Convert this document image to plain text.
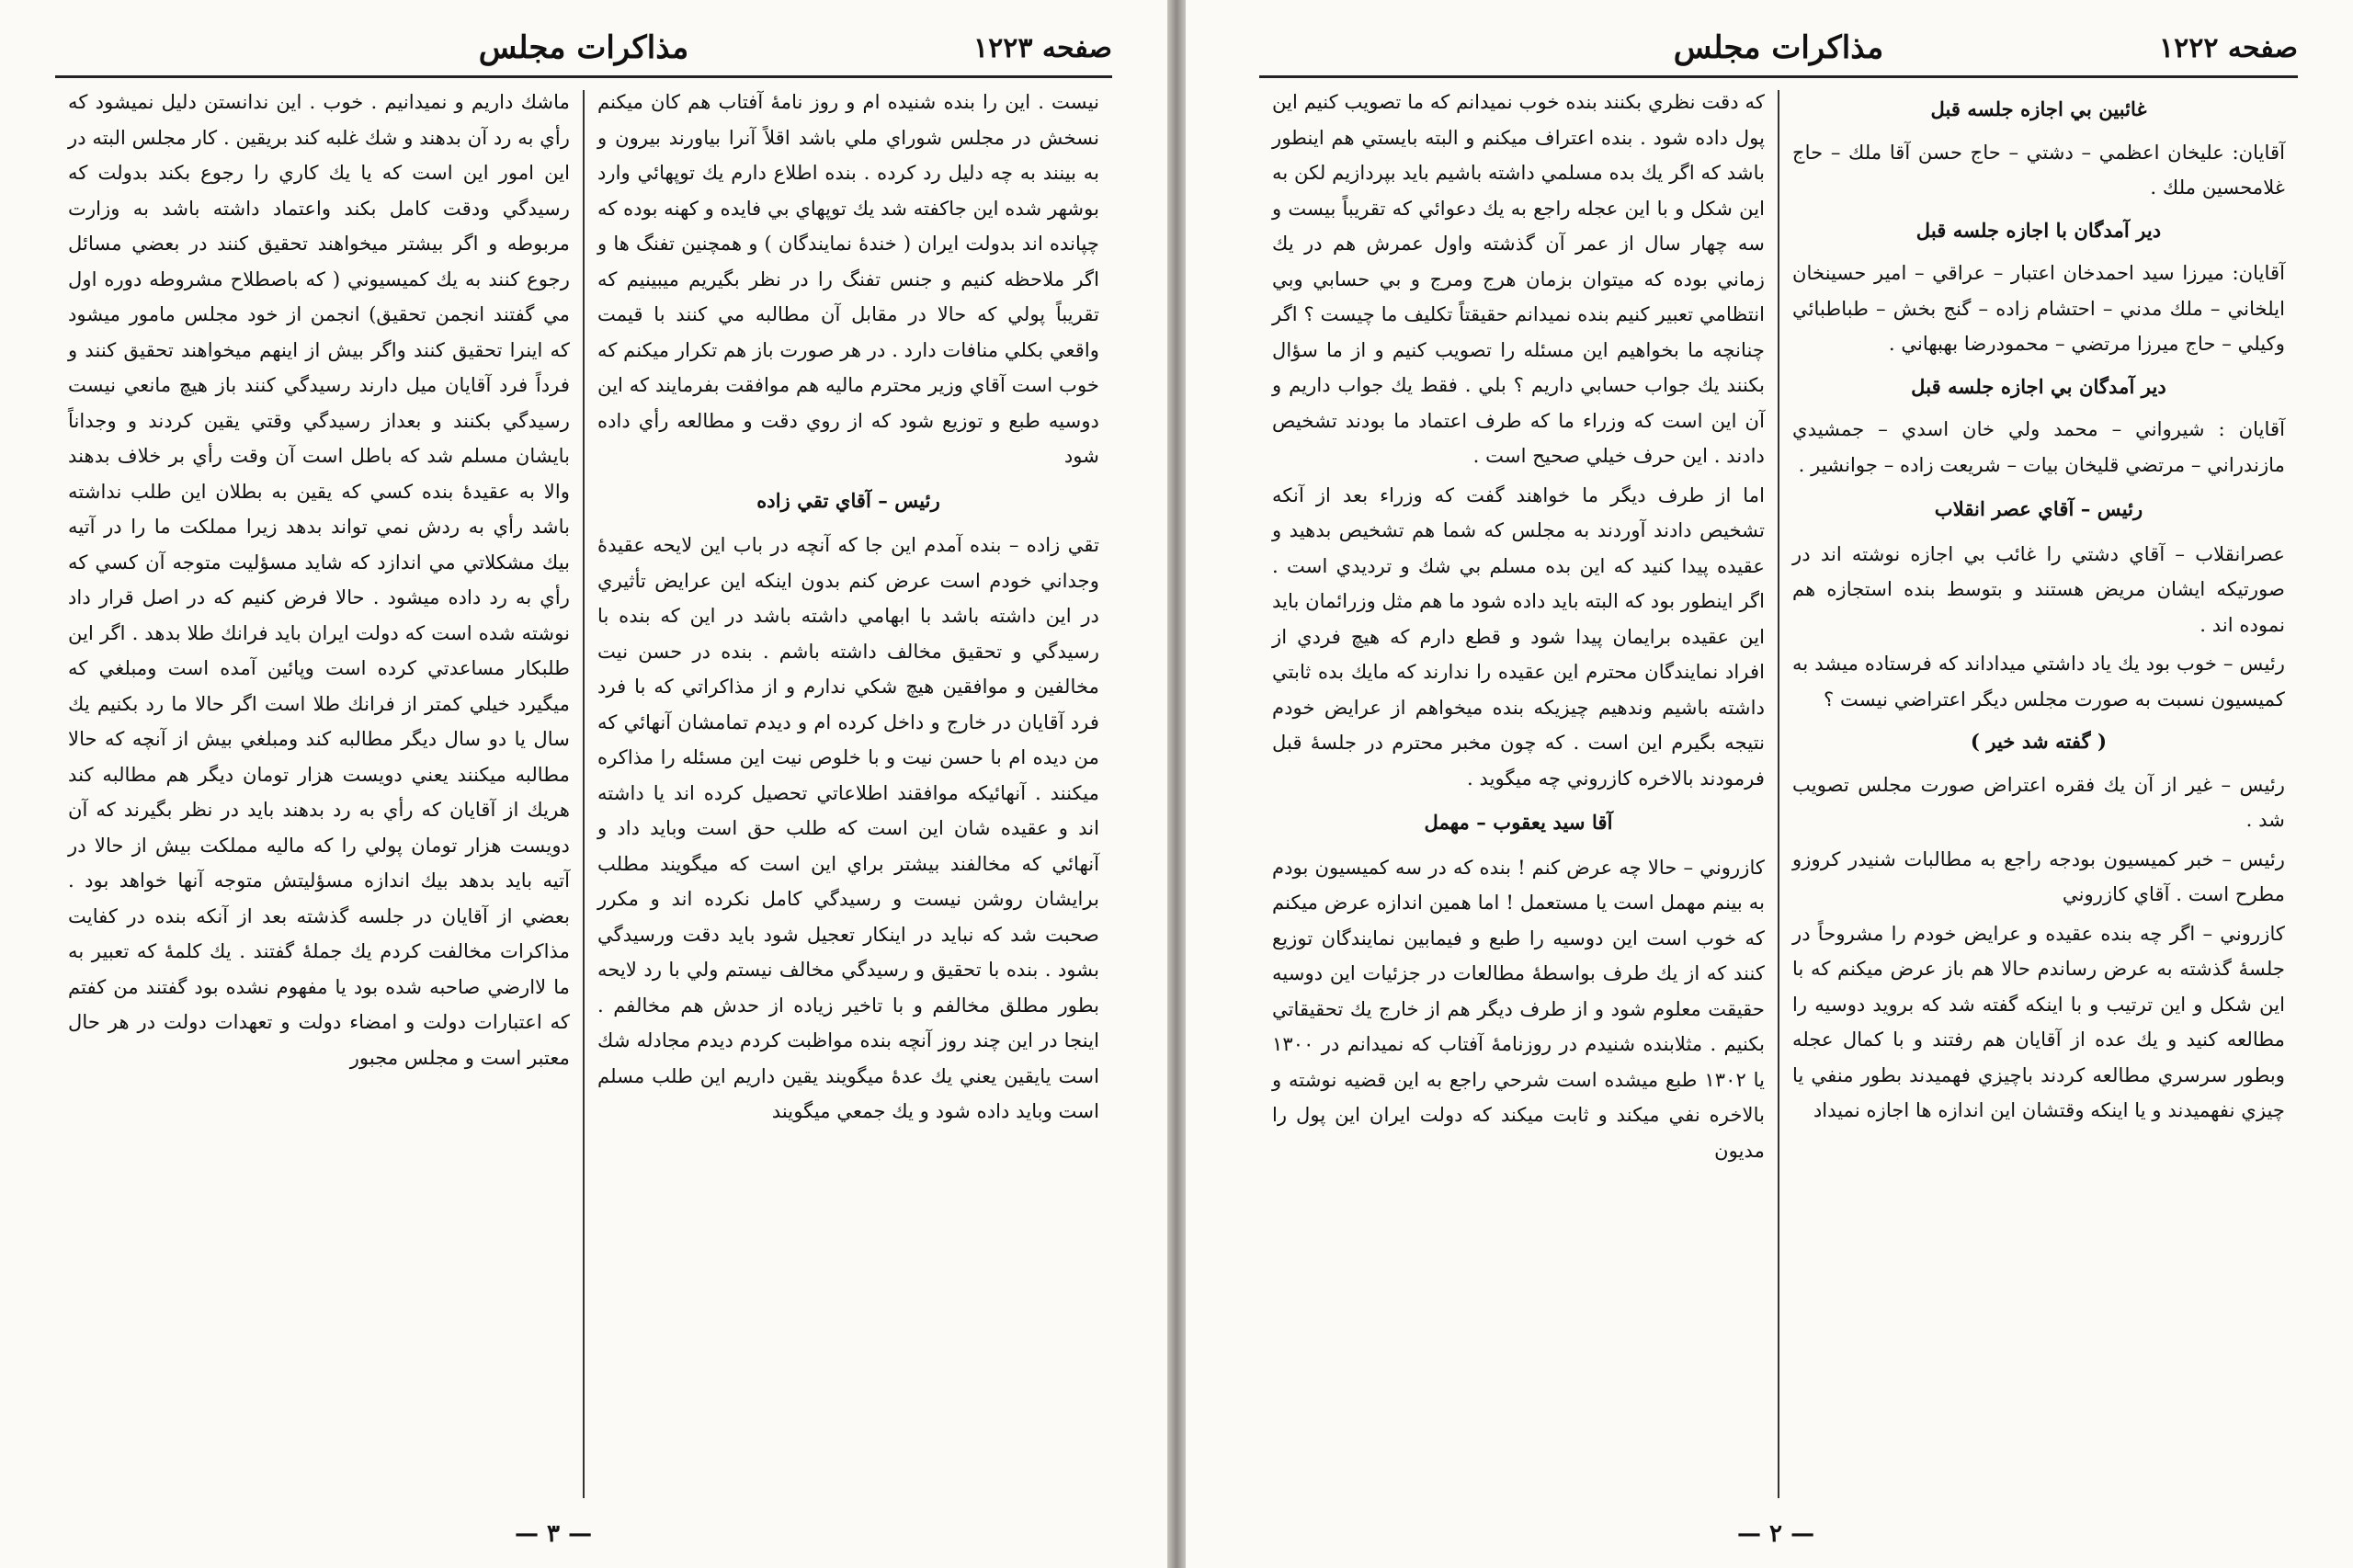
صفحه ۱۲۲۳
مذاكرات مجلس

نيست . اين را بنده شنيده ام و روز نامهٔ آفتاب هم كان ميكنم نسخش در مجلس شوراي ملي باشد اقلاً آنرا بياورند بيرون و به بينند به چه دليل رد كرده . بنده اطلاع دارم يك توپهائي وارد بوشهر شده اين جاكفته شد يك توپهاي بي فايده و كهنه بوده كه چپانده اند بدولت ايران ( خندهٔ نمايندگان ) و همچنين تفنگ ها و اگر ملاحظه كنيم و جنس تفنگ را در نظر بگيريم ميبينيم كه تقريباً پولي كه حالا در مقابل آن مطالبه مي كنند با قيمت واقعي بكلي منافات دارد . در هر صورت باز هم تكرار ميكنم كه خوب است آقاي وزير محترم ماليه هم موافقت بفرمايند كه اين دوسيه طبع و توزيع شود كه از روي دقت و مطالعه رأي داده شود

رئيس – آقاي تقي زاده

تقي زاده – بنده آمدم اين جا كه آنچه در باب اين لايحه عقيدهٔ وجداني خودم است عرض كنم بدون اينكه اين عرايض تأثيري در اين داشته باشد با ابهامي داشته باشد در اين كه بنده با رسيدگي و تحقيق مخالف داشته باشم . بنده در حسن نيت مخالفين و موافقين هيچ شكي ندارم و از مذاكراتي كه با فرد فرد آقايان در خارج و داخل كرده ام و ديدم تمامشان آنهائي كه من ديده ام با حسن نيت و با خلوص نيت اين مسئله را مذاكره ميكنند . آنهائيكه موافقند اطلاعاتي تحصيل كرده اند يا داشته اند و عقيده شان اين است كه طلب حق است وبايد داد و آنهائي كه مخالفند بيشتر براي اين است كه ميگويند مطلب برايشان روشن نيست و رسيدگي كامل نكرده اند و مكرر صحبت شد كه نبايد در اينكار تعجيل شود بايد دقت ورسيدگي بشود . بنده با تحقيق و رسيدگي مخالف نيستم ولي با رد لايحه بطور مطلق مخالفم و با تاخير زياده از حدش هم مخالفم . اينجا در اين چند روز آنچه بنده مواظبت كردم ديدم مجادله شك است يايقين يعني يك عدهٔ ميگويند يقين داريم اين طلب مسلم است وبايد داده شود و يك جمعي ميگويند

ماشك داريم و نميدانيم . خوب . اين ندانستن دليل نميشود كه رأي به رد آن بدهند و شك غلبه كند بريقين . كار مجلس البته در اين امور اين است كه يا يك كاري را رجوع بكند بدولت كه رسيدگي ودقت كامل بكند واعتماد داشته باشد به وزارت مربوطه و اگر بيشتر ميخواهند تحقيق كنند در بعضي مسائل رجوع كنند به يك كميسيوني ( كه باصطلاح مشروطه دوره اول مي گفتند انجمن تحقيق) انجمن از خود مجلس مامور ميشود كه اينرا تحقيق كنند واگر بيش از اينهم ميخواهند تحقيق كنند و فرداً فرد آقايان ميل دارند رسيدگي كنند باز هيچ مانعي نيست رسيدگي بكنند و بعداز رسيدگي وقتي يقين كردند و وجداناً بايشان مسلم شد كه باطل است آن وقت رأي بر خلاف بدهند والا به عقيدهٔ بنده كسي كه يقين به بطلان اين طلب نداشته باشد رأي به ردش نمي تواند بدهد زيرا مملكت ما را در آتيه بيك مشكلاتي مي اندازد كه شايد مسؤليت متوجه آن كسي كه رأي به رد داده ميشود . حالا فرض كنيم كه در اصل قرار داد نوشته شده است كه دولت ايران بايد فرانك طلا بدهد . اگر اين طلبكار مساعدتي كرده است وپائين آمده است ومبلغي كه ميگيرد خيلي كمتر از فرانك طلا است اگر حالا ما رد بكنيم يك سال يا دو سال ديگر مطالبه كند ومبلغي بيش از آنچه كه حالا مطالبه ميكنند يعني دويست هزار تومان ديگر هم مطالبه كند هريك از آقايان كه رأي به رد بدهند بايد در نظر بگيرند كه آن دويست هزار تومان پولي را كه ماليه مملكت بيش از حالا در آتيه بايد بدهد بيك اندازه مسؤليتش متوجه آنها خواهد بود . بعضي از آقايان در جلسه گذشته بعد از آنكه بنده در كفايت مذاكرات مخالفت كردم يك جملهٔ گفتند . يك كلمهٔ كه تعبير به ما لاارضي صاحبه شده بود يا مفهوم نشده بود گفتند من كفتم كه اعتبارات دولت و امضاء دولت و تعهدات دولت در هر حال معتبر است و مجلس مجبور

— ۳ —
صفحه ۱۲۲۲
مذاكرات مجلس

غائبين بي اجازه جلسه قبل

آقايان: عليخان اعظمي – دشتي – حاج حسن آقا ملك – حاج غلامحسين ملك .

دير آمدگان با اجازه جلسه قبل

آقايان: ميرزا سيد احمدخان اعتبار – عراقي – امير حسينخان ايلخاني – ملك مدني – احتشام زاده – گنج بخش – طباطبائي وكيلي – حاج ميرزا مرتضي – محمودرضا بهبهاني .

دير آمدگان بي اجازه جلسه قبل

آقايان : شيرواني – محمد ولي خان اسدي – جمشيدي مازندراني – مرتضي قليخان بيات – شريعت زاده – جوانشير .

رئيس – آقاي عصر انقلاب

عصرانقلاب – آقاي دشتي را غائب بي اجازه نوشته اند در صورتيكه ايشان مريض هستند و بتوسط بنده استجازه هم نموده اند .

رئيس – خوب بود يك ياد داشتي ميداداند كه فرستاده ميشد به كميسيون نسبت به صورت مجلس ديگر اعتراضي نيست ؟

( گفته شد خير )

رئيس – غير از آن يك فقره اعتراض صورت مجلس تصويب شد .

رئيس – خبر كميسيون بودجه راجع به مطالبات شنيدر كروزو مطرح است . آقاي كازروني

كازروني – اگر چه بنده عقيده و عرايض خودم را مشروحاً در جلسهٔ گذشته به عرض رساندم حالا هم باز عرض ميكنم كه با اين شكل و اين ترتيب و با اينكه گفته شد كه برويد دوسيه را مطالعه كنيد و يك عده از آقايان هم رفتند و با كمال عجله وبطور سرسري مطالعه كردند باچيزي فهميدند بطور منفي يا چيزي نفهميدند و يا اينكه وقتشان اين اندازه ها اجازه نميداد

كه دقت نظري بكنند بنده خوب نميدانم كه ما تصويب كنيم اين پول داده شود . بنده اعتراف ميكنم و البته بايستي هم اينطور باشد كه اگر يك بده مسلمي داشته باشيم بايد بپردازيم لكن به اين شكل و با اين عجله راجع به يك دعوائي كه تقريباً بيست و سه چهار سال از عمر آن گذشته واول عمرش هم در يك زماني بوده كه ميتوان بزمان هرج ومرج و بي حسابي وبي انتظامي تعبير كنيم بنده نميدانم حقيقتاً تكليف ما چيست ؟ اگر چنانچه ما بخواهيم اين مسئله را تصويب كنيم و از ما سؤال بكنند يك جواب حسابي داريم ؟ بلي . فقط يك جواب داريم و آن اين است كه وزراء ما كه طرف اعتماد ما بودند تشخيص دادند . اين حرف خيلي صحيح است .

اما از طرف ديگر ما خواهند گفت كه وزراء بعد از آنكه تشخيص دادند آوردند به مجلس كه شما هم تشخيص بدهيد و عقيده پيدا كنيد كه اين بده مسلم بي شك و ترديدي است . اگر اينطور بود كه البته بايد داده شود ما هم مثل وزرائمان بايد اين عقيده برايمان پيدا شود و قطع دارم كه هيچ فردي از افراد نمايندگان محترم اين عقيده را ندارند كه مايك بده ثابتي داشته باشيم وندهيم چيزيكه بنده ميخواهم از عرايض خودم نتيجه بگيرم اين است . كه چون مخبر محترم در جلسهٔ قبل فرمودند بالاخره كازروني چه ميگويد .

آقا سيد يعقوب – مهمل

كازروني – حالا چه عرض كنم ! بنده كه در سه كميسيون بودم به بينم مهمل است يا مستعمل ! اما همين اندازه عرض ميكنم كه خوب است اين دوسيه را طبع و فيمابين نمايندگان توزيع كنند كه از يك طرف بواسطهٔ مطالعات در جزئيات اين دوسيه حقيقت معلوم شود و از طرف ديگر هم از خارج يك تحقيقاتي بكنيم . مثلابنده شنيدم در روزنامهٔ آفتاب كه نميدانم در ۱۳۰۰ يا ۱۳۰۲ طبع ميشده است شرحي راجع به اين قضيه نوشته و بالاخره نفي ميكند و ثابت ميكند كه دولت ايران اين پول را مديون

— ۲ —
